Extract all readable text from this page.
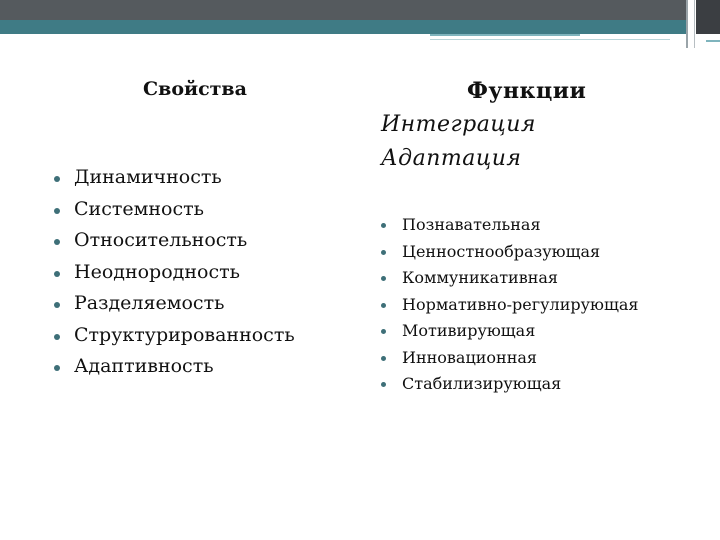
Свойства
Динамичность
Системность
Относительность
Неоднородность
Разделяемость
Структурированность
Адаптивность
Функции

Интеграция

Адаптация

Познавательная
Ценностнообразующая
Коммуникативная
Нормативно-регулирующая
Мотивирующая
Инновационная
Стабилизирующая
